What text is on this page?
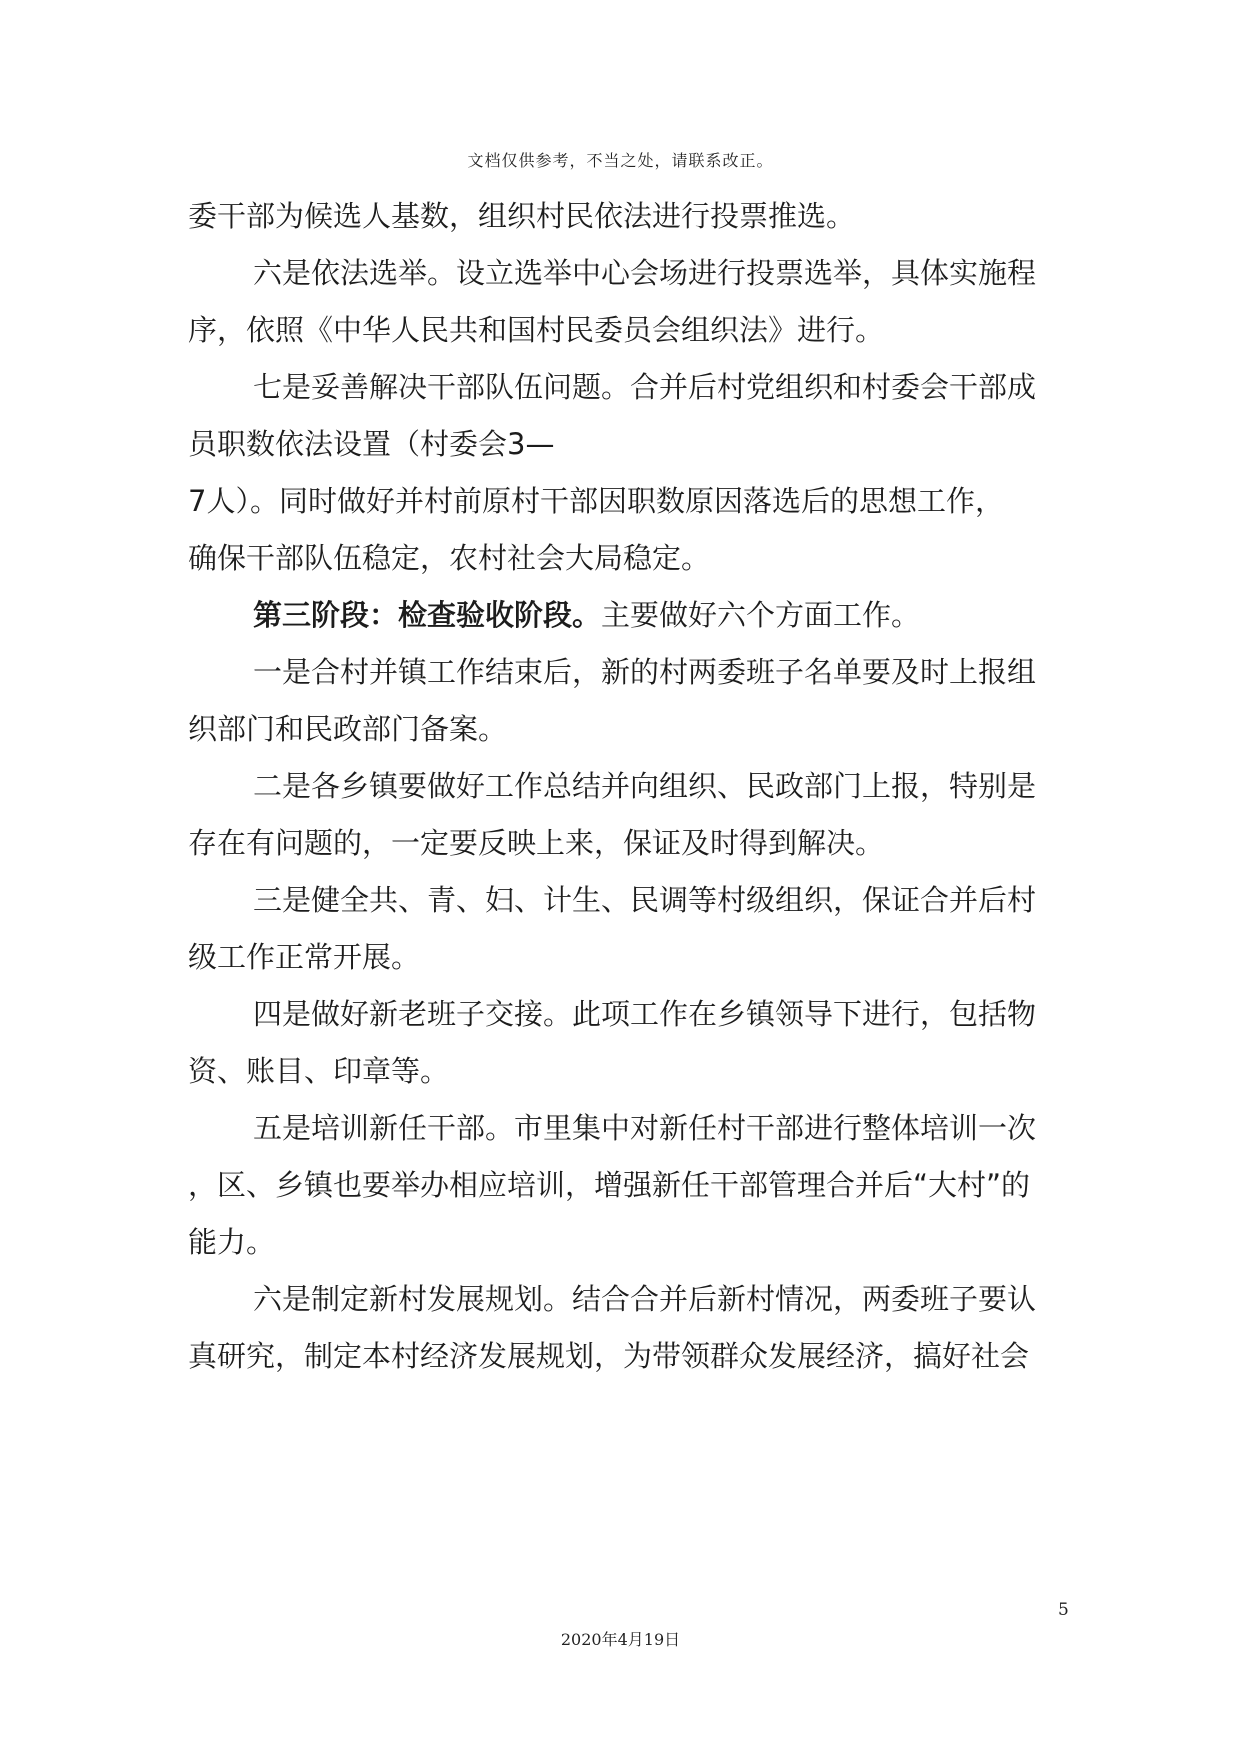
文档仅供参考，不当之处，请联系改正。
委干部为候选人基数，组织村民依法进行投票推选。
六是依法选举。设立选举中心会场进行投票选举，具体实施程
序，依照《中华人民共和国村民委员会组织法》进行。
七是妥善解决干部队伍问题。合并后村党组织和村委会干部成
员职数依法设置（村委会3—
7人）。同时做好并村前原村干部因职数原因落选后的思想工作，
确保干部队伍稳定，农村社会大局稳定。
第三阶段：检查验收阶段。主要做好六个方面工作。
一是合村并镇工作结束后，新的村两委班子名单要及时上报组
织部门和民政部门备案。
二是各乡镇要做好工作总结并向组织、民政部门上报，特别是
存在有问题的，一定要反映上来，保证及时得到解决。
三是健全共、青、妇、计生、民调等村级组织，保证合并后村
级工作正常开展。
四是做好新老班子交接。此项工作在乡镇领导下进行，包括物
资、账目、印章等。
五是培训新任干部。市里集中对新任村干部进行整体培训一次
，区、乡镇也要举办相应培训，增强新任干部管理合并后“大村”的
能力。
六是制定新村发展规划。结合合并后新村情况，两委班子要认
真研究，制定本村经济发展规划，为带领群众发展经济，搞好社会
5
2020年4月19日
